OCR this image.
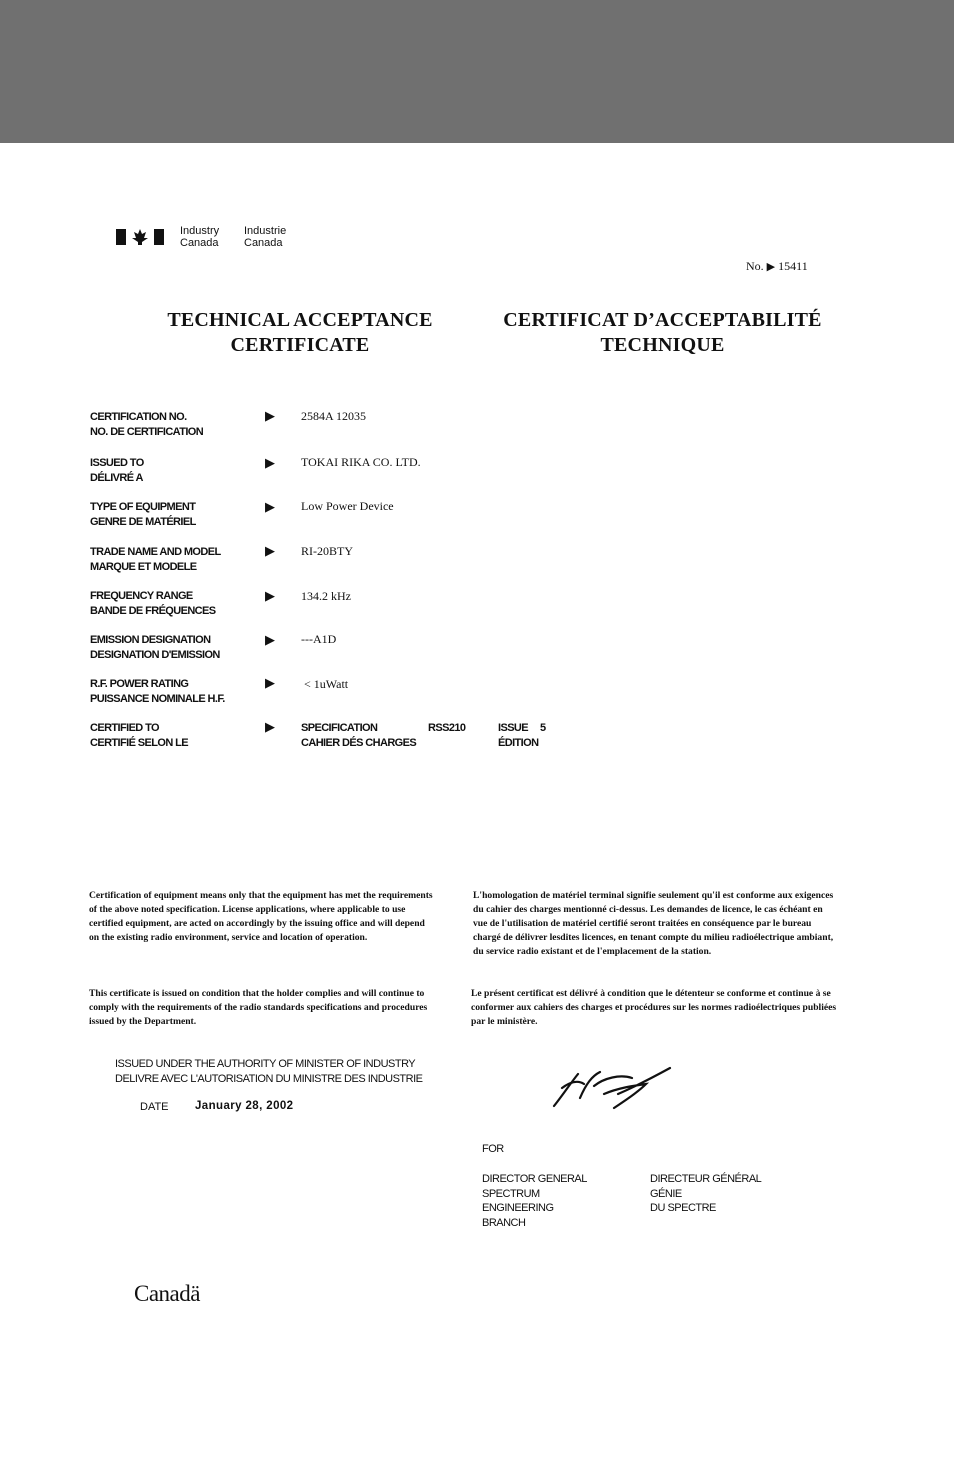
Industry
Canada
Industrie
Canada
No. ▶ 15411
TECHNICAL ACCEPTANCE
CERTIFICATE
CERTIFICAT D’ACCEPTABILITÉ
TECHNIQUE
CERTIFICATION NO.
NO. DE CERTIFICATION
▶ 2584A 12035
ISSUED TO
DÉLIVRÉ A
▶ TOKAI RIKA CO. LTD.
TYPE OF EQUIPMENT
GENRE DE MATÉRIEL
▶ Low Power Device
TRADE NAME AND MODEL
MARQUE ET MODELE
▶ RI-20BTY
FREQUENCY RANGE
BANDE DE FRÉQUENCES
▶ 134.2 kHz
EMISSION DESIGNATION
DESIGNATION D'EMISSION
▶ ---A1D
R.F. POWER RATING
PUISSANCE NOMINALE H.F.
▶ < 1uWatt
CERTIFIED TO
CERTIFIÉ SELON LE
▶ SPECIFICATION
CAHIER DÉS CHARGES
RSS210	ISSUE
ÉDITION
5
Certification of equipment means only that the equipment has met the requirements of the above noted specification. License applications, where applicable to use certified equipment, are acted on accordingly by the issuing office and will depend on the existing radio environment, service and location of operation.
This certificate is issued on condition that the holder complies and will continue to comply with the requirements of the radio standards specifications and procedures issued by the Department.
L'homologation de matériel terminal signifie seulement qu'il est conforme aux exigences du cahier des charges mentionné ci-dessus. Les demandes de licence, le cas échéant en vue de l'utilisation de matériel certifié seront traitées en conséquence par le bureau chargé de délivrer lesdites licences, en tenant compte du milieu radioélectrique ambiant, du service radio existant et de l'emplacement de la station.
Le présent certificat est délivré à condition que le détenteur se conforme et continue à se conformer aux cahiers des charges et procédures sur les normes radioélectriques publiées par le ministère.
ISSUED UNDER THE AUTHORITY OF MINISTER OF INDUSTRY
DELIVRE AVEC L'AUTORISATION DU MINISTRE DES INDUSTRIE
DATE January 28, 2002
FOR
DIRECTOR GENERAL
SPECTRUM
ENGINEERING
BRANCH
DIRECTEUR GÉNÉRAL
GÉNIE
DU SPECTRE
Canadä
